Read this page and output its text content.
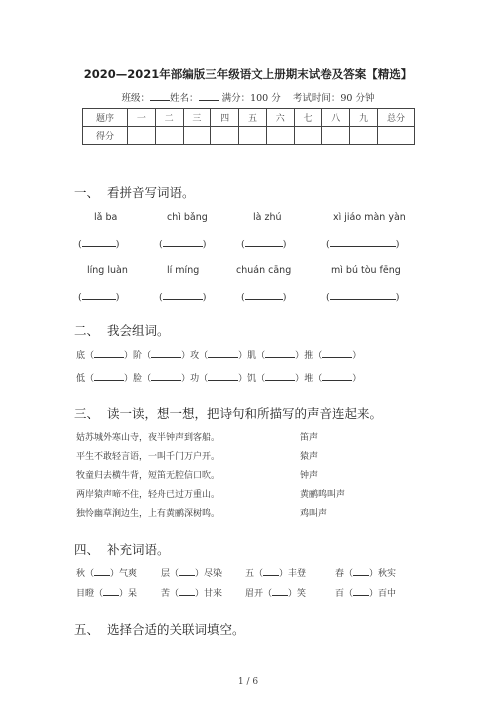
2020—2021年部编版三年级语文上册期末试卷及答案【精选】
班级： 姓名： 满分：100 分 考试时间：90 分钟
题序	一	二	三	四	五	六	七	八	九	总分
得分										
一、 看拼音写词语。
lǎ ba	chì bǎng	là zhú	xì jiáo màn yàn
(	)	(	)	(	)	(	)
líng luàn	lí míng	chuán cāng	mì bú tòu fēng
(	)	(	)	(	)	(	)
二、 我会组词。
底（	）阶（	）攻（	）肌（	）推（	）
低（	）脸（	）功（	）饥（	）堆（	）
三、 读一读，想一想，把诗句和所描写的声音连起来。
姑苏城外寒山寺，夜半钟声到客船。
平生不敢轻言语，一叫千门万户开。
牧童归去横牛背，短笛无腔信口吹。
两岸猿声啼不住，轻舟已过万重山。
独怜幽草涧边生，上有黄鹂深树鸣。
笛声
猿声
钟声
黄鹂鸣叫声
鸡叫声
四、 补充词语。
秋（ ）气爽	层（ ）尽染	五（ ）丰登	春（ ）秋实
目瞪（ ）呆	苦（ ）甘来	眉开（ ）笑	百（ ）百中
五、 选择合适的关联词填空。
1 / 6
